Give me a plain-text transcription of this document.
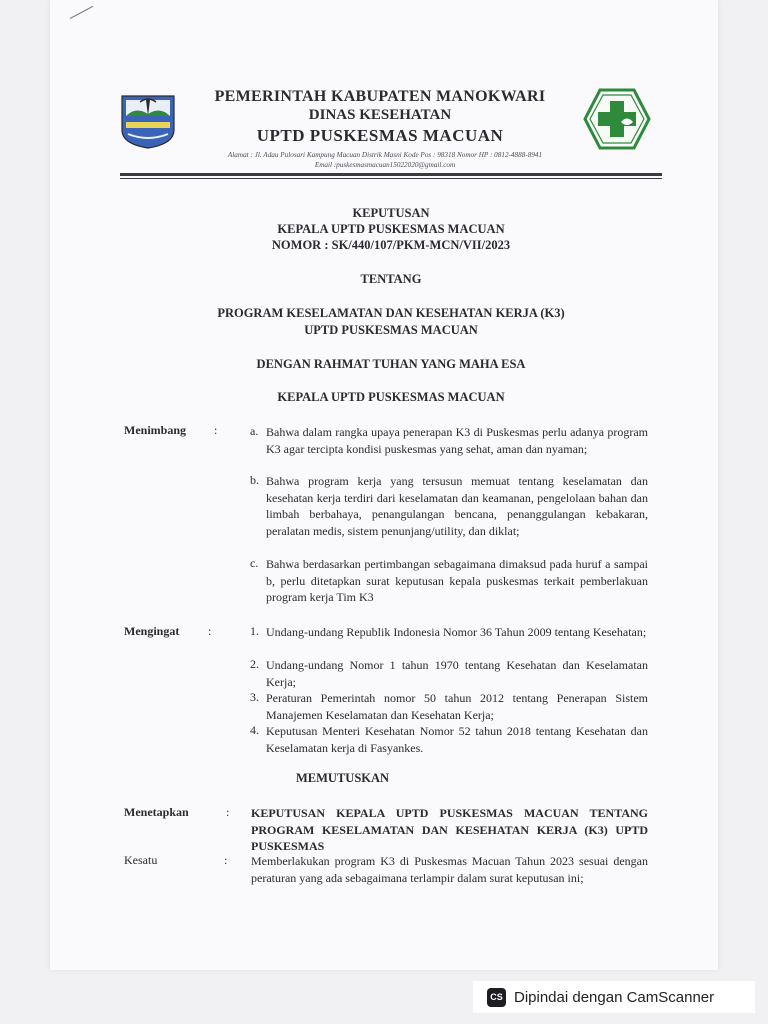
PEMERINTAH KABUPATEN MANOKWARI
DINAS KESEHATAN
UPTD PUSKESMAS MACUAN
Alamat : Jl. Adau Pulosari Kampung Macuan Distrik Masni Kode Pos : 98318 Nomor HP : 0812-4888-8941
Email :puskesmasmacuan15022020@gmail.com
KEPUTUSAN
KEPALA UPTD PUSKESMAS MACUAN
NOMOR : SK/440/107/PKM-MCN/VII/2023
TENTANG
PROGRAM KESELAMATAN DAN KESEHATAN KERJA (K3)
UPTD PUSKESMAS MACUAN
DENGAN RAHMAT TUHAN YANG MAHA ESA
KEPALA UPTD PUSKESMAS MACUAN
Menimbang :	a. Bahwa dalam rangka upaya penerapan K3 di Puskesmas perlu adanya program K3 agar tercipta kondisi puskesmas yang sehat, aman dan nyaman;
b. Bahwa program kerja yang tersusun memuat tentang keselamatan dan kesehatan kerja terdiri dari keselamatan dan keamanan, pengelolaan bahan dan limbah berbahaya, penangulangan bencana, penanggulangan kebakaran, peralatan medis, sistem penunjang/utility, dan diklat;
c. Bahwa berdasarkan pertimbangan sebagaimana dimaksud pada huruf a sampai b, perlu ditetapkan surat keputusan kepala puskesmas terkait pemberlakuan program kerja Tim K3
Mengingat :	1. Undang-undang Republik Indonesia Nomor 36 Tahun 2009 tentang Kesehatan;
2. Undang-undang Nomor 1 tahun 1970 tentang Kesehatan dan Keselamatan Kerja;
3. Peraturan Pemerintah nomor 50 tahun 2012 tentang Penerapan Sistem Manajemen Keselamatan dan Kesehatan Kerja;
4. Keputusan Menteri Kesehatan Nomor 52 tahun 2018 tentang Kesehatan dan Keselamatan kerja di Fasyankes.
MEMUTUSKAN
Menetapkan	: KEPUTUSAN KEPALA UPTD PUSKESMAS MACUAN TENTANG PROGRAM KESELAMATAN DAN KESEHATAN KERJA (K3) UPTD PUSKESMAS
Kesatu	: Memberlakukan program K3 di Puskesmas Macuan Tahun 2023 sesuai dengan peraturan yang ada sebagaimana terlampir dalam surat keputusan ini;
CS Dipindai dengan CamScanner
